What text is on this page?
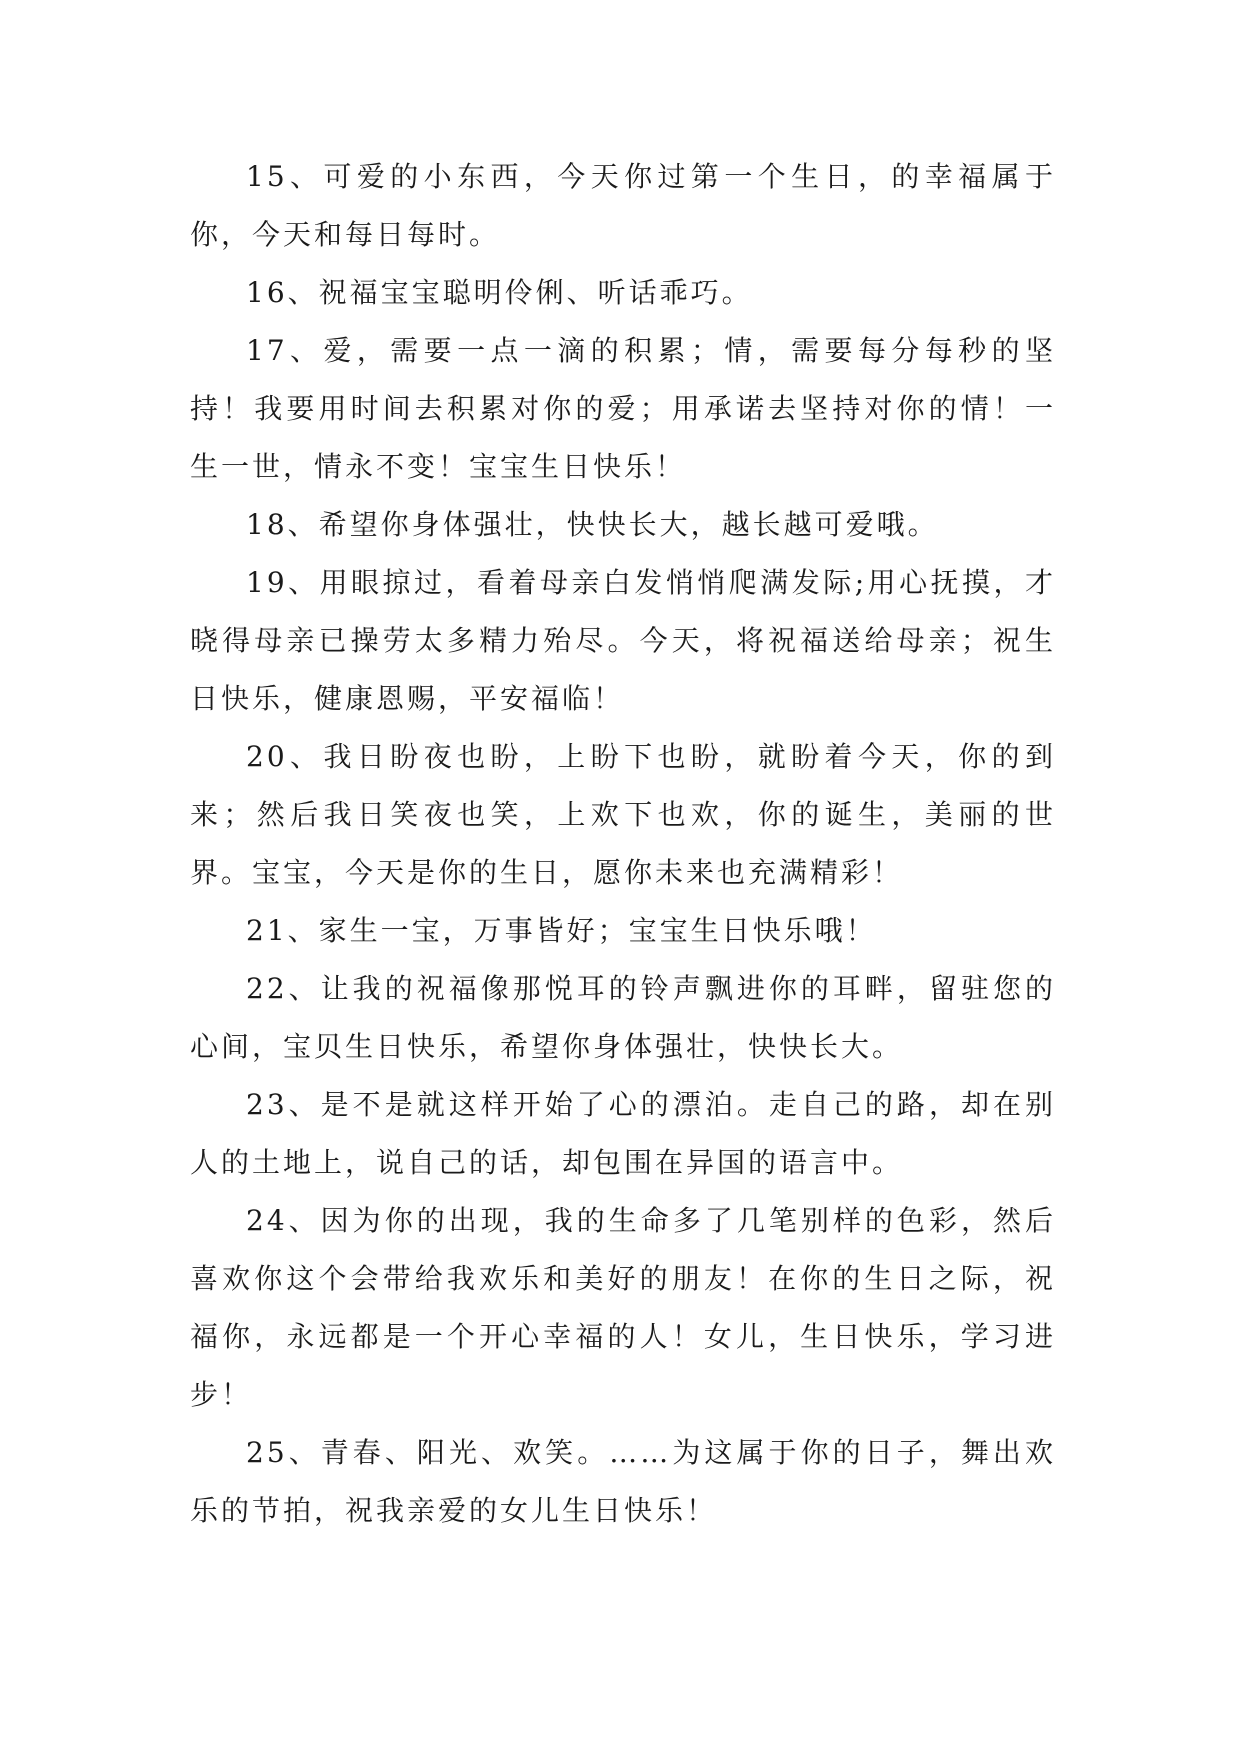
15、可爱的小东西，今天你过第一个生日，的幸福属于你，今天和每日每时。

16、祝福宝宝聪明伶俐、听话乖巧。

17、爱，需要一点一滴的积累；情，需要每分每秒的坚持！我要用时间去积累对你的爱；用承诺去坚持对你的情！一生一世，情永不变！宝宝生日快乐！

18、希望你身体强壮，快快长大，越长越可爱哦。

19、用眼掠过，看着母亲白发悄悄爬满发际;用心抚摸，才晓得母亲已操劳太多精力殆尽。今天，将祝福送给母亲；祝生日快乐，健康恩赐，平安福临！

20、我日盼夜也盼，上盼下也盼，就盼着今天，你的到来；然后我日笑夜也笑，上欢下也欢，你的诞生，美丽的世界。宝宝，今天是你的生日，愿你未来也充满精彩！

21、家生一宝，万事皆好；宝宝生日快乐哦！

22、让我的祝福像那悦耳的铃声飘进你的耳畔，留驻您的心间，宝贝生日快乐，希望你身体强壮，快快长大。

23、是不是就这样开始了心的漂泊。走自己的路，却在别人的土地上，说自己的话，却包围在异国的语言中。

24、因为你的出现，我的生命多了几笔别样的色彩，然后喜欢你这个会带给我欢乐和美好的朋友！在你的生日之际，祝福你，永远都是一个开心幸福的人！女儿，生日快乐，学习进步！

25、青春、阳光、欢笑。……为这属于你的日子，舞出欢乐的节拍，祝我亲爱的女儿生日快乐！
